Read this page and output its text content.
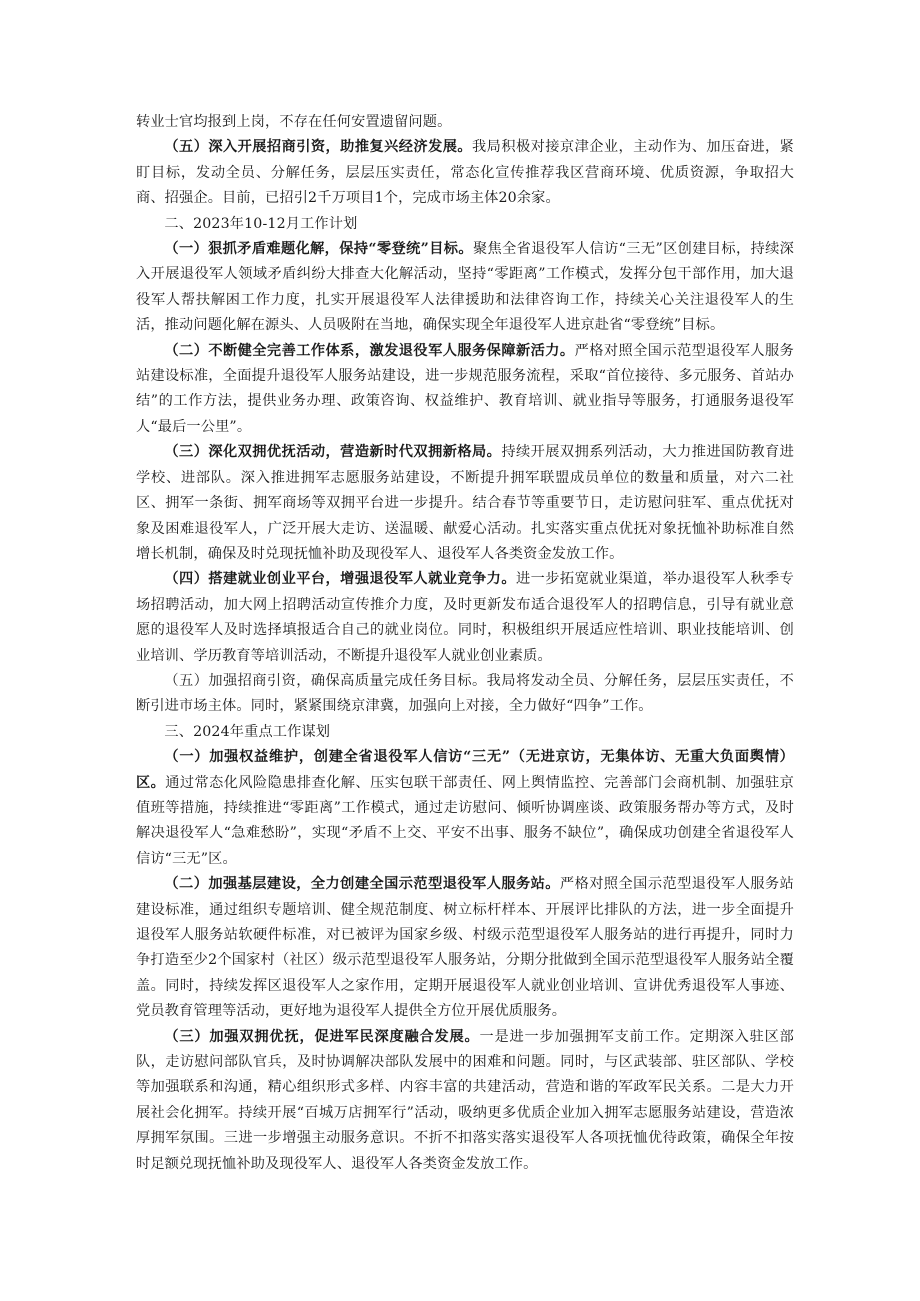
转业士官均报到上岗，不存在任何安置遗留问题。

（五）深入开展招商引资，助推复兴经济发展。我局积极对接京津企业，主动作为、加压奋进，紧盯目标，发动全员、分解任务，层层压实责任，常态化宣传推荐我区营商环境、优质资源，争取招大商、招强企。目前，已招引2千万项目1个，完成市场主体20余家。

二、2023年10-12月工作计划

（一）狠抓矛盾难题化解，保持“零登统”目标。聚焦全省退役军人信访“三无”区创建目标，持续深入开展退役军人领域矛盾纠纷大排查大化解活动，坚持“零距离”工作模式，发挥分包干部作用，加大退役军人帮扶解困工作力度，扎实开展退役军人法律援助和法律咨询工作，持续关心关注退役军人的生活，推动问题化解在源头、人员吸附在当地，确保实现全年退役军人进京赴省“零登统”目标。

（二）不断健全完善工作体系，激发退役军人服务保障新活力。严格对照全国示范型退役军人服务站建设标准，全面提升退役军人服务站建设，进一步规范服务流程，采取“首位接待、多元服务、首站办结”的工作方法，提供业务办理、政策咨询、权益维护、教育培训、就业指导等服务，打通服务退役军人“最后一公里”。

（三）深化双拥优抚活动，营造新时代双拥新格局。持续开展双拥系列活动，大力推进国防教育进学校、进部队。深入推进拥军志愿服务站建设，不断提升拥军联盟成员单位的数量和质量，对六二社区、拥军一条街、拥军商场等双拥平台进一步提升。结合春节等重要节日，走访慰问驻军、重点优抚对象及困难退役军人，广泛开展大走访、送温暖、献爱心活动。扎实落实重点优抚对象抚恤补助标准自然增长机制，确保及时兑现抚恤补助及现役军人、退役军人各类资金发放工作。

（四）搭建就业创业平台，增强退役军人就业竞争力。进一步拓宽就业渠道，举办退役军人秋季专场招聘活动，加大网上招聘活动宣传推介力度，及时更新发布适合退役军人的招聘信息，引导有就业意愿的退役军人及时选择填报适合自己的就业岗位。同时，积极组织开展适应性培训、职业技能培训、创业培训、学历教育等培训活动，不断提升退役军人就业创业素质。

（五）加强招商引资，确保高质量完成任务目标。我局将发动全员、分解任务，层层压实责任，不断引进市场主体。同时，紧紧围绕京津冀，加强向上对接，全力做好“四争”工作。

三、2024年重点工作谋划

（一）加强权益维护，创建全省退役军人信访“三无”（无进京访，无集体访、无重大负面舆情）区。通过常态化风险隐患排查化解、压实包联干部责任、网上舆情监控、完善部门会商机制、加强驻京值班等措施，持续推进“零距离”工作模式，通过走访慰问、倾听协调座谈、政策服务帮办等方式，及时解决退役军人“急难愁盼”，实现“矛盾不上交、平安不出事、服务不缺位”，确保成功创建全省退役军人信访“三无”区。

（二）加强基层建设，全力创建全国示范型退役军人服务站。严格对照全国示范型退役军人服务站建设标准，通过组织专题培训、健全规范制度、树立标杆样本、开展评比排队的方法，进一步全面提升退役军人服务站软硬件标准，对已被评为国家乡级、村级示范型退役军人服务站的进行再提升，同时力争打造至少2个国家村（社区）级示范型退役军人服务站，分期分批做到全国示范型退役军人服务站全覆盖。同时，持续发挥区退役军人之家作用，定期开展退役军人就业创业培训、宣讲优秀退役军人事迹、党员教育管理等活动，更好地为退役军人提供全方位开展优质服务。

（三）加强双拥优抚，促进军民深度融合发展。一是进一步加强拥军支前工作。定期深入驻区部队，走访慰问部队官兵，及时协调解决部队发展中的困难和问题。同时，与区武装部、驻区部队、学校等加强联系和沟通，精心组织形式多样、内容丰富的共建活动，营造和谐的军政军民关系。二是大力开展社会化拥军。持续开展“百城万店拥军行”活动，吸纳更多优质企业加入拥军志愿服务站建设，营造浓厚拥军氛围。三进一步增强主动服务意识。不折不扣落实落实退役军人各项抚恤优待政策，确保全年按时足额兑现抚恤补助及现役军人、退役军人各类资金发放工作。
